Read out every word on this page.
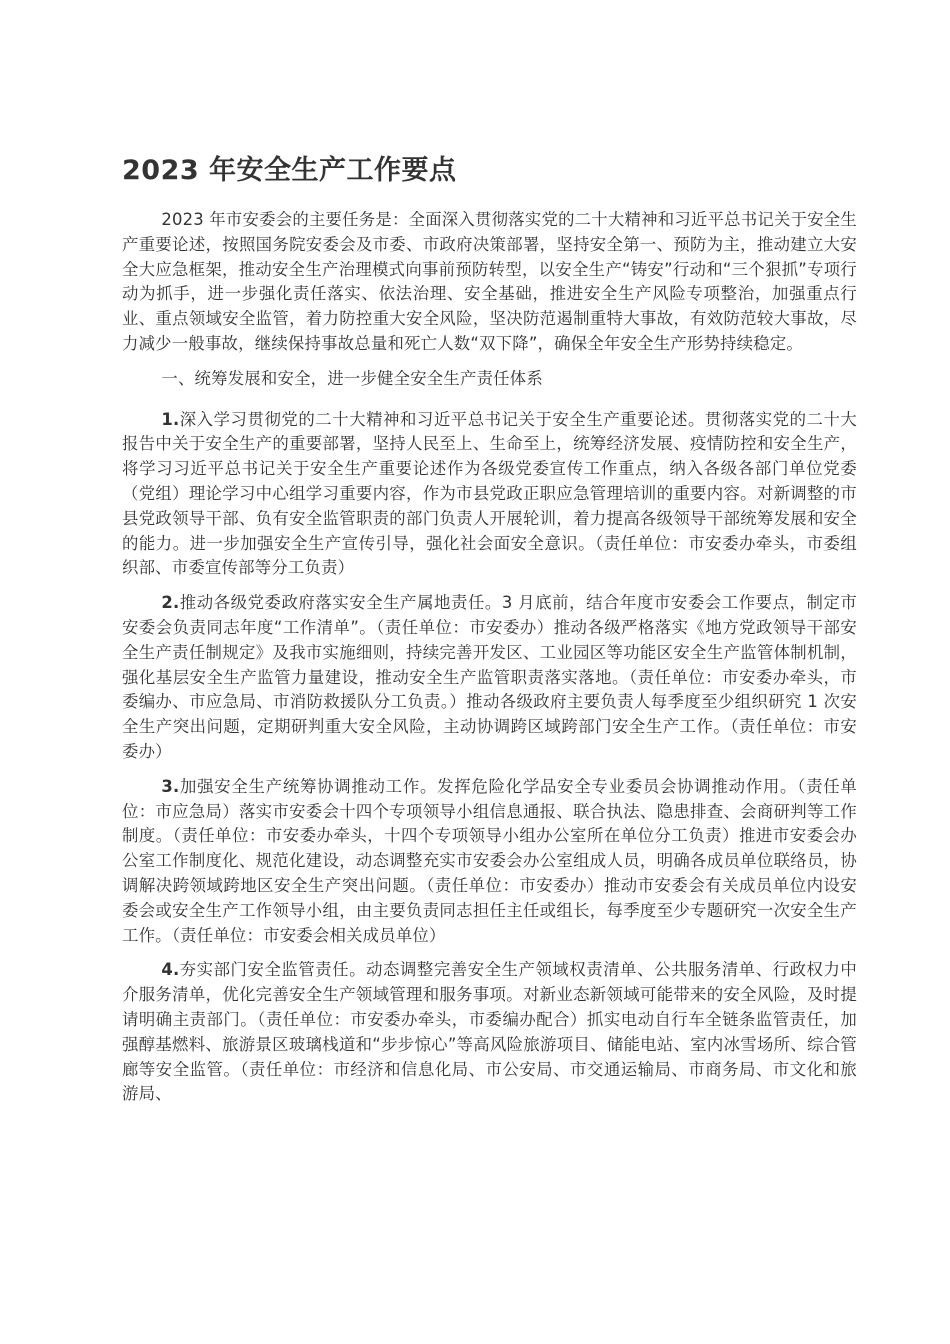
2023 年安全生产工作要点

2023 年市安委会的主要任务是：全面深入贯彻落实党的二十大精神和习近平总书记关于安全生产重要论述，按照国务院安委会及市委、市政府决策部署，坚持安全第一、预防为主，推动建立大安全大应急框架，推动安全生产治理模式向事前预防转型，以安全生产“铸安”行动和“三个狠抓”专项行动为抓手，进一步强化责任落实、依法治理、安全基础，推进安全生产风险专项整治，加强重点行业、重点领域安全监管，着力防控重大安全风险，坚决防范遏制重特大事故，有效防范较大事故，尽力减少一般事故，继续保持事故总量和死亡人数“双下降”，确保全年安全生产形势持续稳定。

一、统筹发展和安全，进一步健全安全生产责任体系

1.深入学习贯彻党的二十大精神和习近平总书记关于安全生产重要论述。贯彻落实党的二十大报告中关于安全生产的重要部署，坚持人民至上、生命至上，统筹经济发展、疫情防控和安全生产，将学习习近平总书记关于安全生产重要论述作为各级党委宣传工作重点，纳入各级各部门单位党委（党组）理论学习中心组学习重要内容，作为市县党政正职应急管理培训的重要内容。对新调整的市县党政领导干部、负有安全监管职责的部门负责人开展轮训，着力提高各级领导干部统筹发展和安全的能力。进一步加强安全生产宣传引导，强化社会面安全意识。（责任单位：市安委办牵头，市委组织部、市委宣传部等分工负责）

2.推动各级党委政府落实安全生产属地责任。3 月底前，结合年度市安委会工作要点，制定市安委会负责同志年度“工作清单”。（责任单位：市安委办）推动各级严格落实《地方党政领导干部安全生产责任制规定》及我市实施细则，持续完善开发区、工业园区等功能区安全生产监管体制机制，强化基层安全生产监管力量建设，推动安全生产监管职责落实落地。（责任单位：市安委办牵头，市委编办、市应急局、市消防救援队分工负责。）推动各级政府主要负责人每季度至少组织研究 1 次安全生产突出问题，定期研判重大安全风险，主动协调跨区域跨部门安全生产工作。（责任单位：市安委办）

3.加强安全生产统筹协调推动工作。发挥危险化学品安全专业委员会协调推动作用。（责任单位：市应急局）落实市安委会十四个专项领导小组信息通报、联合执法、隐患排查、会商研判等工作制度。（责任单位：市安委办牵头，十四个专项领导小组办公室所在单位分工负责）推进市安委会办公室工作制度化、规范化建设，动态调整充实市安委会办公室组成人员，明确各成员单位联络员，协调解决跨领域跨地区安全生产突出问题。（责任单位：市安委办）推动市安委会有关成员单位内设安委会或安全生产工作领导小组，由主要负责同志担任主任或组长，每季度至少专题研究一次安全生产工作。（责任单位：市安委会相关成员单位）

4.夯实部门安全监管责任。动态调整完善安全生产领域权责清单、公共服务清单、行政权力中介服务清单，优化完善安全生产领域管理和服务事项。对新业态新领域可能带来的安全风险，及时提请明确主责部门。（责任单位：市安委办牵头，市委编办配合）抓实电动自行车全链条监管责任，加强醇基燃料、旅游景区玻璃栈道和“步步惊心”等高风险旅游项目、储能电站、室内冰雪场所、综合管廊等安全监管。（责任单位：市经济和信息化局、市公安局、市交通运输局、市商务局、市文化和旅游局、
